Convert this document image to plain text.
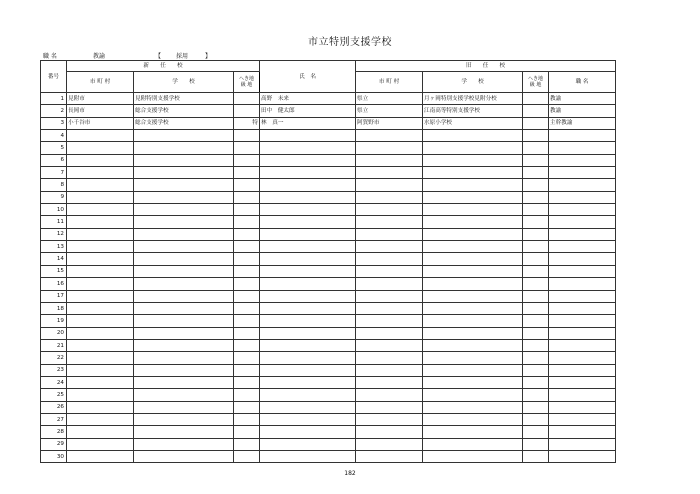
市立特別支援学校
職 名	教諭	【 採用	】
番号	新　　任　　校			氏　名	旧　　任　　校			
	市 町 村	学　　校	へき地
級 地		市 町 村	学　　校	へき地
級 地	職 名
1	見附市	見附特別支援学校		高野　未来	県立	月ヶ岡特別支援学校見附分校		教諭
2	長岡市	総合支援学校		田中　健太郎	県立	江南高等特別支援学校		教諭
3	小千谷市	総合支援学校	特	林　真一	阿賀野市	水原小学校		主幹教諭
4								
5								
6								
7								
8								
9								
10								
11								
12								
13								
14								
15								
16								
17								
18								
19								
20								
21								
22								
23								
24								
25								
26								
27								
28								
29								
30								
182
